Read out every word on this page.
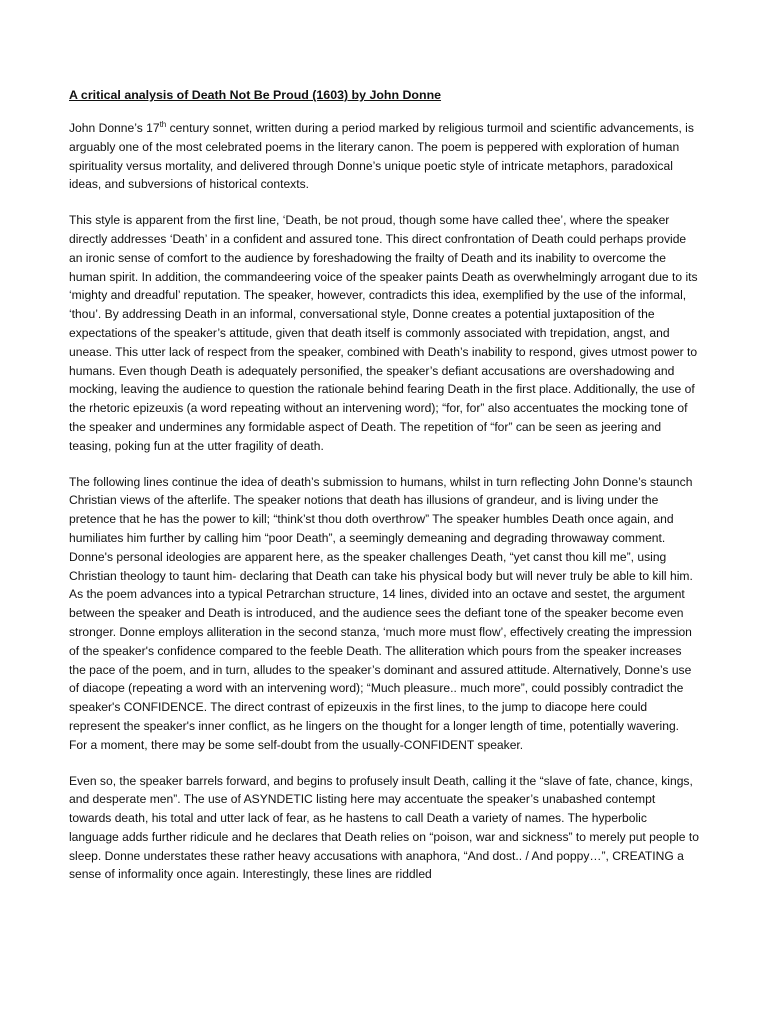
A critical analysis of Death Not Be Proud (1603) by John Donne

John Donne’s 17th century sonnet, written during a period marked by religious turmoil and scientific advancements, is arguably one of the most celebrated poems in the literary canon. The poem is peppered with exploration of human spirituality versus mortality, and delivered through Donne’s unique poetic style of intricate metaphors, paradoxical ideas, and subversions of historical contexts.

This style is apparent from the first line, ‘Death, be not proud, though some have called thee’, where the speaker directly addresses ‘Death’ in a confident and assured tone. This direct confrontation of Death could perhaps provide an ironic sense of comfort to the audience by foreshadowing the frailty of Death and its inability to overcome the human spirit. In addition, the commandeering voice of the speaker paints Death as overwhelmingly arrogant due to its ‘mighty and dreadful’ reputation. The speaker, however, contradicts this idea, exemplified by the use of the informal, ‘thou’. By addressing Death in an informal, conversational style, Donne creates a potential juxtaposition of the expectations of the speaker’s attitude, given that death itself is commonly associated with trepidation, angst, and unease. This utter lack of respect from the speaker, combined with Death’s inability to respond, gives utmost power to humans. Even though Death is adequately personified, the speaker’s defiant accusations are overshadowing and mocking, leaving the audience to question the rationale behind fearing Death in the first place. Additionally, the use of the rhetoric epizeuxis (a word repeating without an intervening word); “for, for” also accentuates the mocking tone of the speaker and undermines any formidable aspect of Death. The repetition of “for” can be seen as jeering and teasing, poking fun at the utter fragility of death.

The following lines continue the idea of death’s submission to humans, whilst in turn reflecting John Donne’s staunch Christian views of the afterlife. The speaker notions that death has illusions of grandeur, and is living under the pretence that he has the power to kill; “think’st thou doth overthrow” The speaker humbles Death once again, and humiliates him further by calling him “poor Death”, a seemingly demeaning and degrading throwaway comment. Donne's personal ideologies are apparent here, as the speaker challenges Death, “yet canst thou kill me”, using Christian theology to taunt him- declaring that Death can take his physical body but will never truly be able to kill him. As the poem advances into a typical Petrarchan structure, 14 lines, divided into an octave and sestet, the argument between the speaker and Death is introduced, and the audience sees the defiant tone of the speaker become even stronger. Donne employs alliteration in the second stanza, ‘much more must flow’, effectively creating the impression of the speaker's confidence compared to the feeble Death. The alliteration which pours from the speaker increases the pace of the poem, and in turn, alludes to the speaker’s dominant and assured attitude. Alternatively, Donne’s use of diacope (repeating a word with an intervening word); “Much pleasure.. much more”, could possibly contradict the speaker's CONFIDENCE. The direct contrast of epizeuxis in the first lines, to the jump to diacope here could represent the speaker's inner conflict, as he lingers on the thought for a longer length of time, potentially wavering. For a moment, there may be some self-doubt from the usually-CONFIDENT speaker.

Even so, the speaker barrels forward, and begins to profusely insult Death, calling it the “slave of fate, chance, kings, and desperate men”. The use of ASYNDETIC listing here may accentuate the speaker’s unabashed contempt towards death, his total and utter lack of fear, as he hastens to call Death a variety of names. The hyperbolic language adds further ridicule and he declares that Death relies on “poison, war and sickness” to merely put people to sleep. Donne understates these rather heavy accusations with anaphora, “And dost.. / And poppy…”, CREATING a sense of informality once again. Interestingly, these lines are riddled
